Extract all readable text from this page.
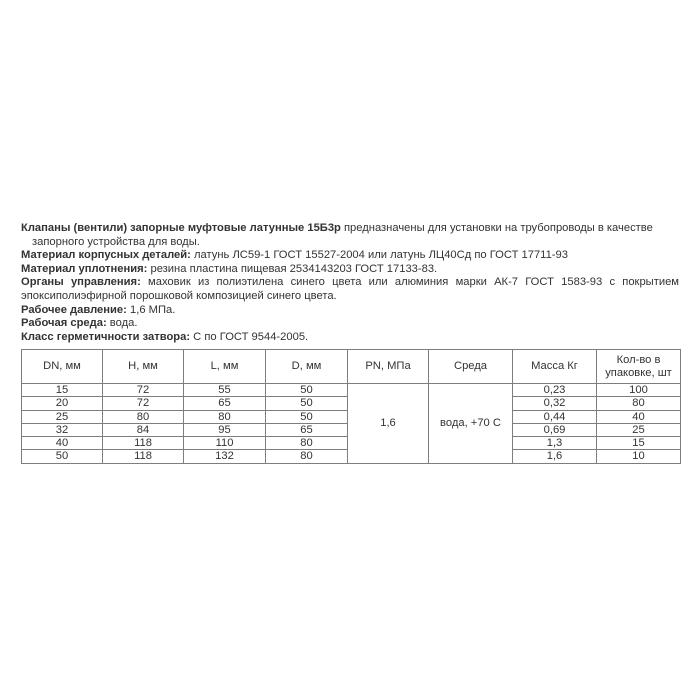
Клапаны (вентили) запорные муфтовые латунные 15Б3р предназначены для установки на трубопроводы в качестве
запорного устройства для воды.

Материал корпусных деталей: латунь ЛС59-1 ГОСТ 15527-2004 или латунь ЛЦ40Сд по ГОСТ 17711-93

Материал уплотнения: резина пластина пищевая 2534143203 ГОСТ 17133-83.

Органы управления: маховик из полиэтилена синего цвета или алюминия марки АК-7 ГОСТ 1583-93 с покрытием эпоксиполиэфирной порошковой композицией синего цвета.

Рабочее давление: 1,6 МПа.

Рабочая среда: вода.

Класс герметичности затвора: С по ГОСТ 9544-2005.

DN, мм	H, мм	L, мм	D, мм	PN, МПа	Среда	Масса Кг	Кол-во в упаковке, шт
15	72	55	50	1,6	вода, +70 С	0,23	100
20	72	65	50			0,32	80
25	80	80	50			0,44	40
32	84	95	65			0,69	25
40	118	110	80			1,3	15
50	118	132	80			1,6	10
